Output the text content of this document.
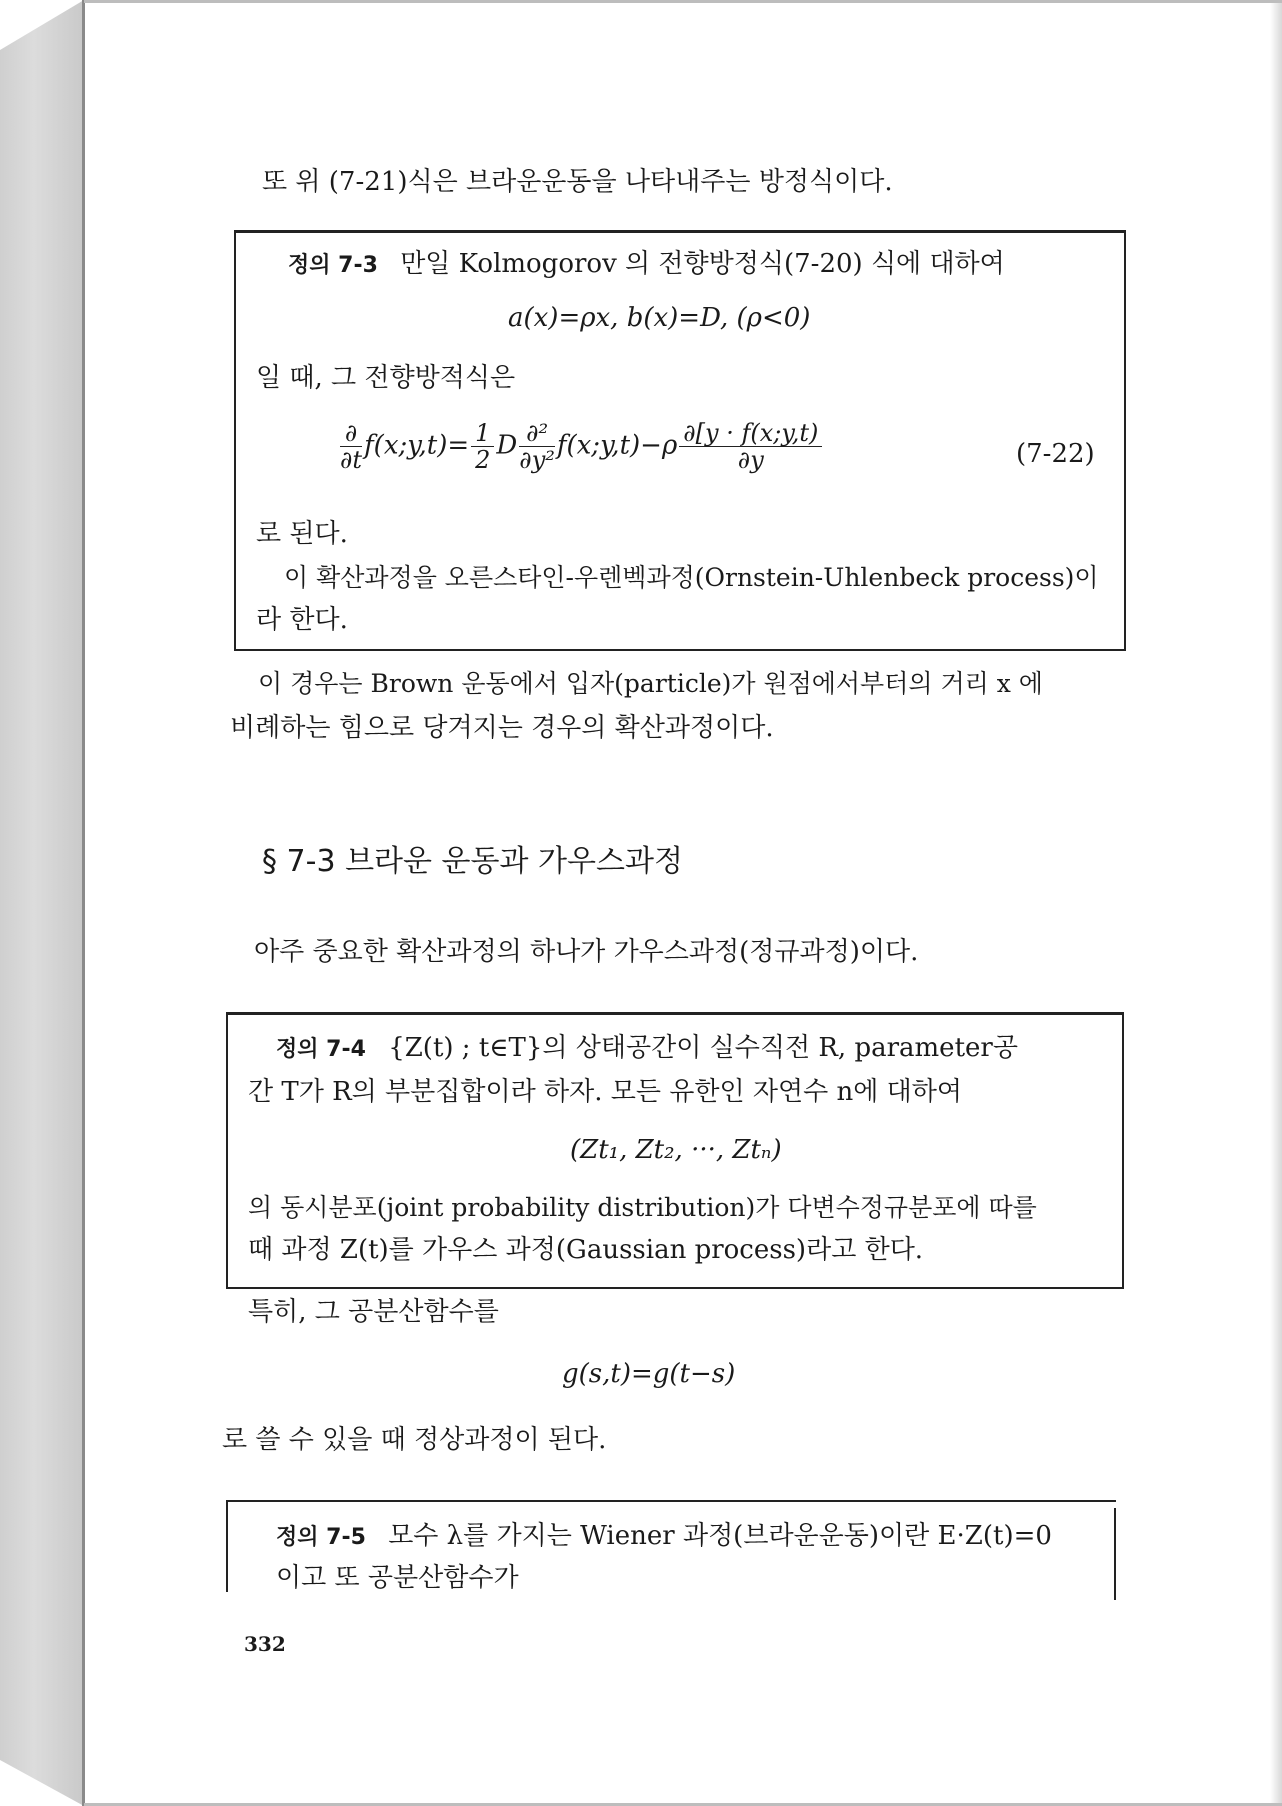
또 위 (7-21)식은 브라운운동을 나타내주는 방정식이다.
정의 7-3 만일 Kolmogorov 의 전향방정식(7-20) 식에 대하여
a(x)=ρx, b(x)=D, (ρ<0)
일 때, 그 전향방적식은
$\frac{\partial}{\partial t}$ f(x;y,t)= $\frac{1}{2}$ D $\frac{\text{∂²}}{\text{∂y²}}$ f(x;y,t)−ρ $\frac{\partial[y \cdot f(x;y,t)}{\partial y}$	(7-22)
로 된다.
이 확산과정을 오른스타인-우렌벡과정(Ornstein-Uhlenbeck process)이
라 한다.
이 경우는 Brown 운동에서 입자(particle)가 원점에서부터의 거리 x 에
비례하는 힘으로 당겨지는 경우의 확산과정이다.
§ 7-3 브라운 운동과 가우스과정
아주 중요한 확산과정의 하나가 가우스과정(정규과정)이다.
정의 7-4 {Z(t) ; t∈T}의 상태공간이 실수직전 R, parameter공
간 T가 R의 부분집합이라 하자. 모든 유한인 자연수 n에 대하여
(Zt₁, Zt₂, ···, Ztₙ)
의 동시분포(joint probability distribution)가 다변수정규분포에 따를
때 과정 Z(t)를 가우스 과정(Gaussian process)라고 한다.
특히, 그 공분산함수를
g(s,t)=g(t−s)
로 쓸 수 있을 때 정상과정이 된다.
정의 7-5 모수 λ를 가지는 Wiener 과정(브라운운동)이란 E·Z(t)=0
이고 또 공분산함수가
332
